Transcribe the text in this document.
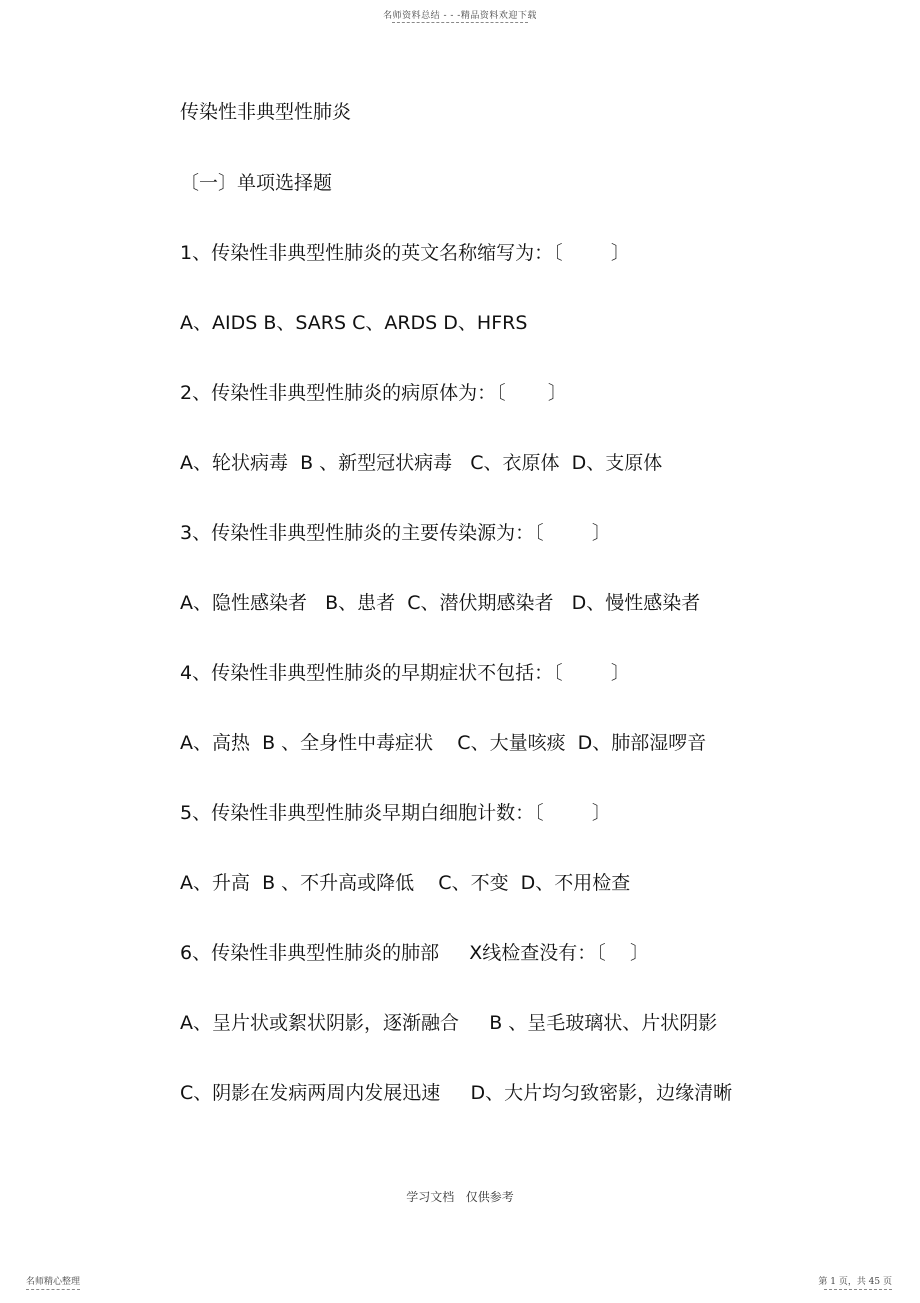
名师资料总结 - - -精品资料欢迎下载
传染性非典型性肺炎
〔一〕单项选择题
1、传染性非典型性肺炎的英文名称缩写为：〔        〕
A、AIDS B、SARS C、ARDS D、HFRS
2、传染性非典型性肺炎的病原体为：〔       〕
A、轮状病毒  B 、新型冠状病毒   C、衣原体  D、支原体
3、传染性非典型性肺炎的主要传染源为：〔        〕
A、隐性感染者   B、患者  C、潜伏期感染者   D、慢性感染者
4、传染性非典型性肺炎的早期症状不包括：〔        〕
A、高热  B 、全身性中毒症状    C、大量咳痰  D、肺部湿啰音
5、传染性非典型性肺炎早期白细胞计数：〔        〕
A、升高  B 、不升高或降低    C、不变  D、不用检查
6、传染性非典型性肺炎的肺部     X线检查没有：〔    〕
A、呈片状或絮状阴影，逐渐融合     B 、呈毛玻璃状、片状阴影
C、阴影在发病两周内发展迅速     D、大片均匀致密影，边缘清晰
学习文档   仅供参考
名师精心整理	第 1 页，共 45 页
